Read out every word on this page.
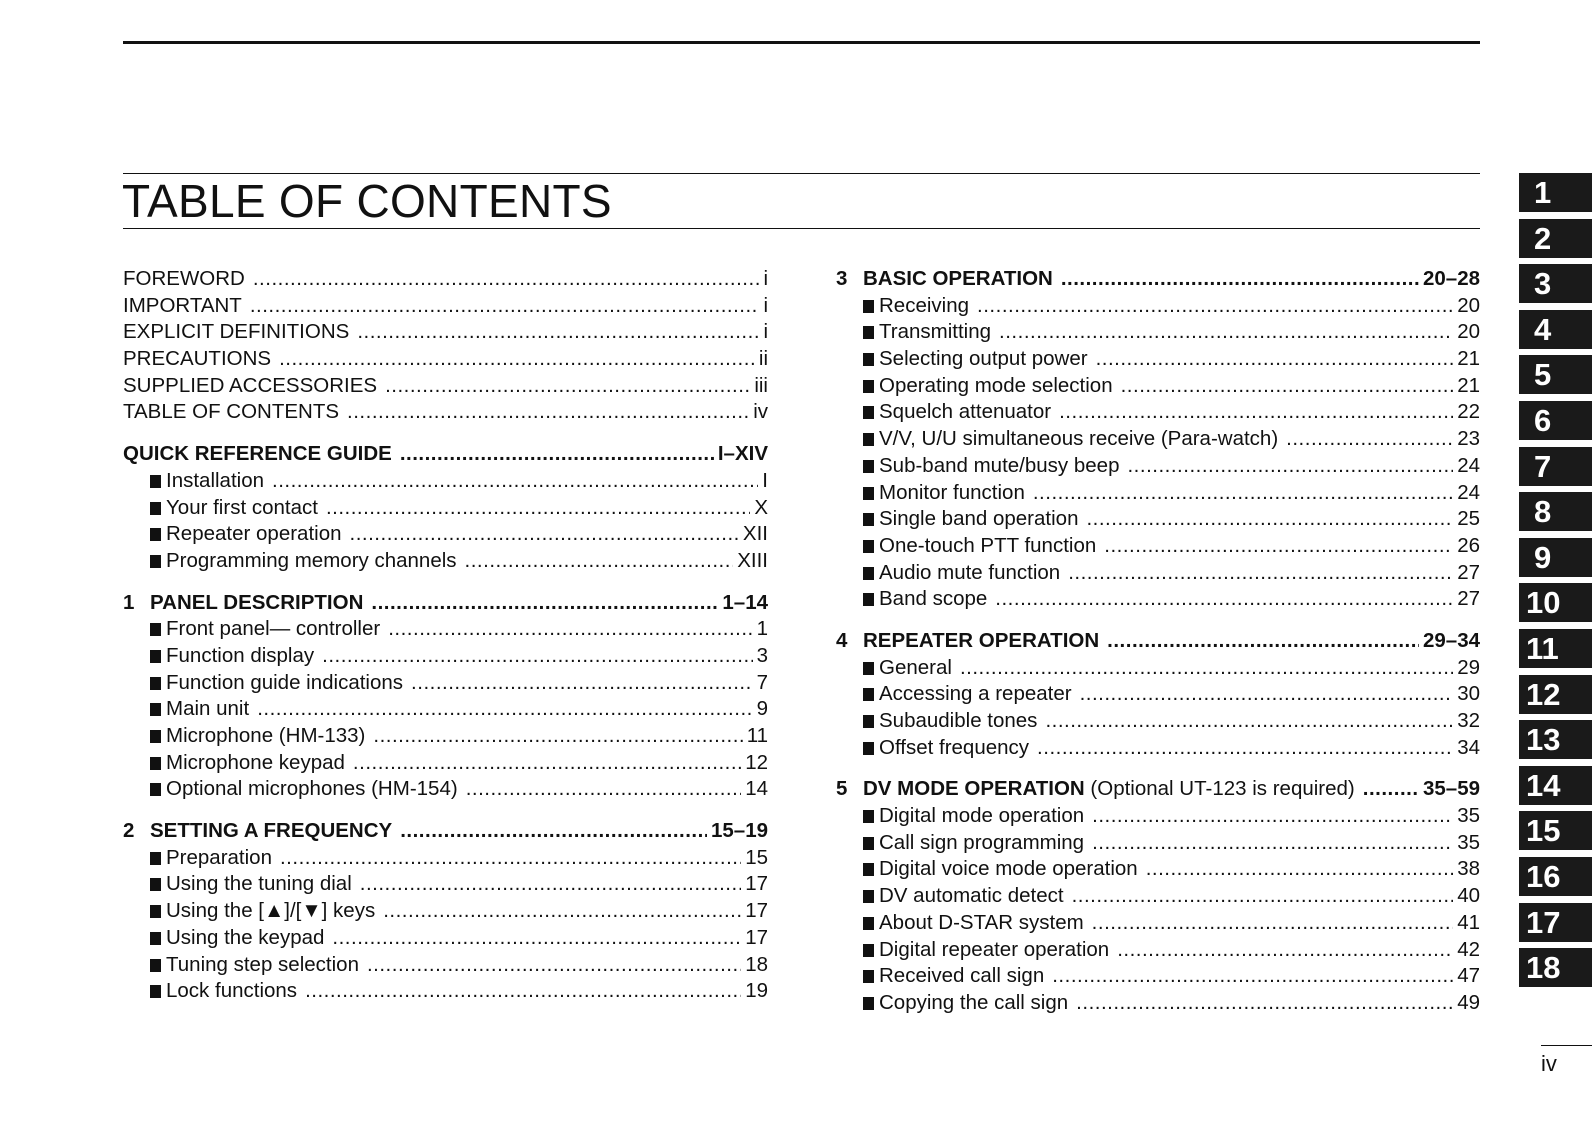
TABLE OF CONTENTS
FOREWORD .....	i
IMPORTANT .....	i
EXPLICIT DEFINITIONS .....	i
PRECAUTIONS .....	ii
SUPPLIED ACCESSORIES .....	iii
TABLE OF CONTENTS .....	iv
QUICK REFERENCE GUIDE .....	I–XIV
Installation .....	I
Your first contact .....	X
Repeater operation .....	XII
Programming memory channels .....	XIII
1 PANEL DESCRIPTION .....	1–14
Front panel— controller .....	1
Function display .....	3
Function guide indications .....	7
Main unit .....	9
Microphone (HM-133) .....	11
Microphone keypad .....	12
Optional microphones (HM-154) .....	14
2 SETTING A FREQUENCY .....	15–19
Preparation .....	15
Using the tuning dial .....	17
Using the [▲]/[▼] keys .....	17
Using the keypad .....	17
Tuning step selection .....	18
Lock functions .....	19
3 BASIC OPERATION .....	20–28
Receiving .....	20
Transmitting .....	20
Selecting output power .....	21
Operating mode selection .....	21
Squelch attenuator .....	22
V/V, U/U simultaneous receive (Para-watch) .....	23
Sub-band mute/busy beep .....	24
Monitor function .....	24
Single band operation .....	25
One-touch PTT function .....	26
Audio mute function .....	27
Band scope .....	27
4 REPEATER OPERATION .....	29–34
General .....	29
Accessing a repeater .....	30
Subaudible tones .....	32
Offset frequency .....	34
5 DV MODE OPERATION (Optional UT-123 is required) .....	35–59
Digital mode operation .....	35
Call sign programming .....	35
Digital voice mode operation .....	38
DV automatic detect .....	40
About D-STAR system .....	41
Digital repeater operation .....	42
Received call sign .....	47
Copying the call sign .....	49
1
2
3
4
5
6
7
8
9
10
11
12
13
14
15
16
17
18
iv
